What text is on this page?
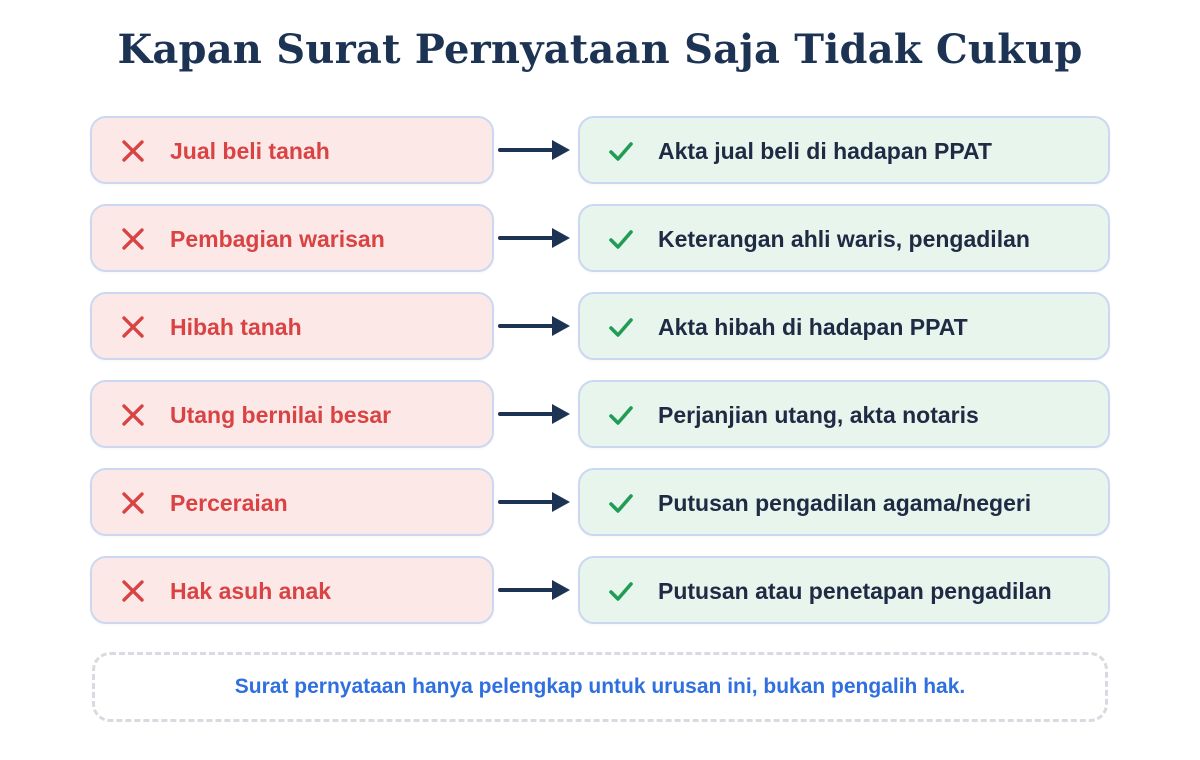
Kapan Surat Pernyataan Saja Tidak Cukup
Jual beli tanah	Akta jual beli di hadapan PPAT
Pembagian warisan	Keterangan ahli waris, pengadilan
Hibah tanah	Akta hibah di hadapan PPAT
Utang bernilai besar	Perjanjian utang, akta notaris
Perceraian	Putusan pengadilan agama/negeri
Hak asuh anak	Putusan atau penetapan pengadilan
Surat pernyataan hanya pelengkap untuk urusan ini, bukan pengalih hak.
